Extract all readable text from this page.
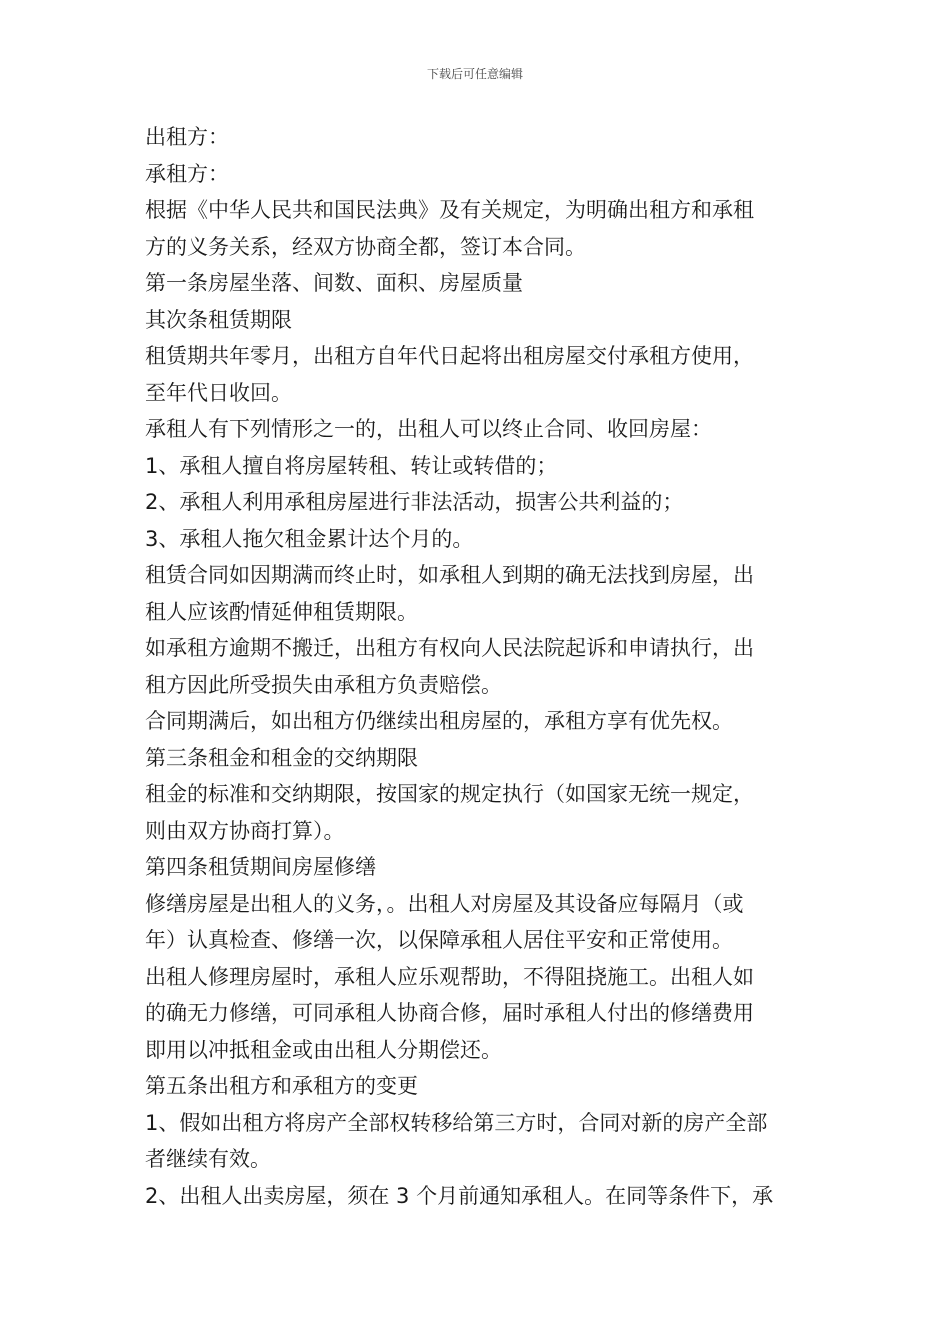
下载后可任意编辑
出租方：
承租方：
根据《中华人民共和国民法典》及有关规定，为明确出租方和承租
方的义务关系，经双方协商全都，签订本合同。
第一条房屋坐落、间数、面积、房屋质量
其次条租赁期限
租赁期共年零月，出租方自年代日起将出租房屋交付承租方使用，
至年代日收回。
承租人有下列情形之一的，出租人可以终止合同、收回房屋：
1、承租人擅自将房屋转租、转让或转借的；
2、承租人利用承租房屋进行非法活动，损害公共利益的；
3、承租人拖欠租金累计达个月的。
租赁合同如因期满而终止时，如承租人到期的确无法找到房屋，出
租人应该酌情延伸租赁期限。
如承租方逾期不搬迁，出租方有权向人民法院起诉和申请执行，出
租方因此所受损失由承租方负责赔偿。
合同期满后，如出租方仍继续出租房屋的，承租方享有优先权。
第三条租金和租金的交纳期限
租金的标准和交纳期限，按国家的规定执行（如国家无统一规定，
则由双方协商打算）。
第四条租赁期间房屋修缮
修缮房屋是出租人的义务，。出租人对房屋及其设备应每隔月（或
年）认真检查、修缮一次，以保障承租人居住平安和正常使用。
出租人修理房屋时，承租人应乐观帮助，不得阻挠施工。出租人如
的确无力修缮，可同承租人协商合修，届时承租人付出的修缮费用
即用以冲抵租金或由出租人分期偿还。
第五条出租方和承租方的变更
1、假如出租方将房产全部权转移给第三方时，合同对新的房产全部
者继续有效。
2、出租人出卖房屋，须在 3 个月前通知承租人。在同等条件下，承
